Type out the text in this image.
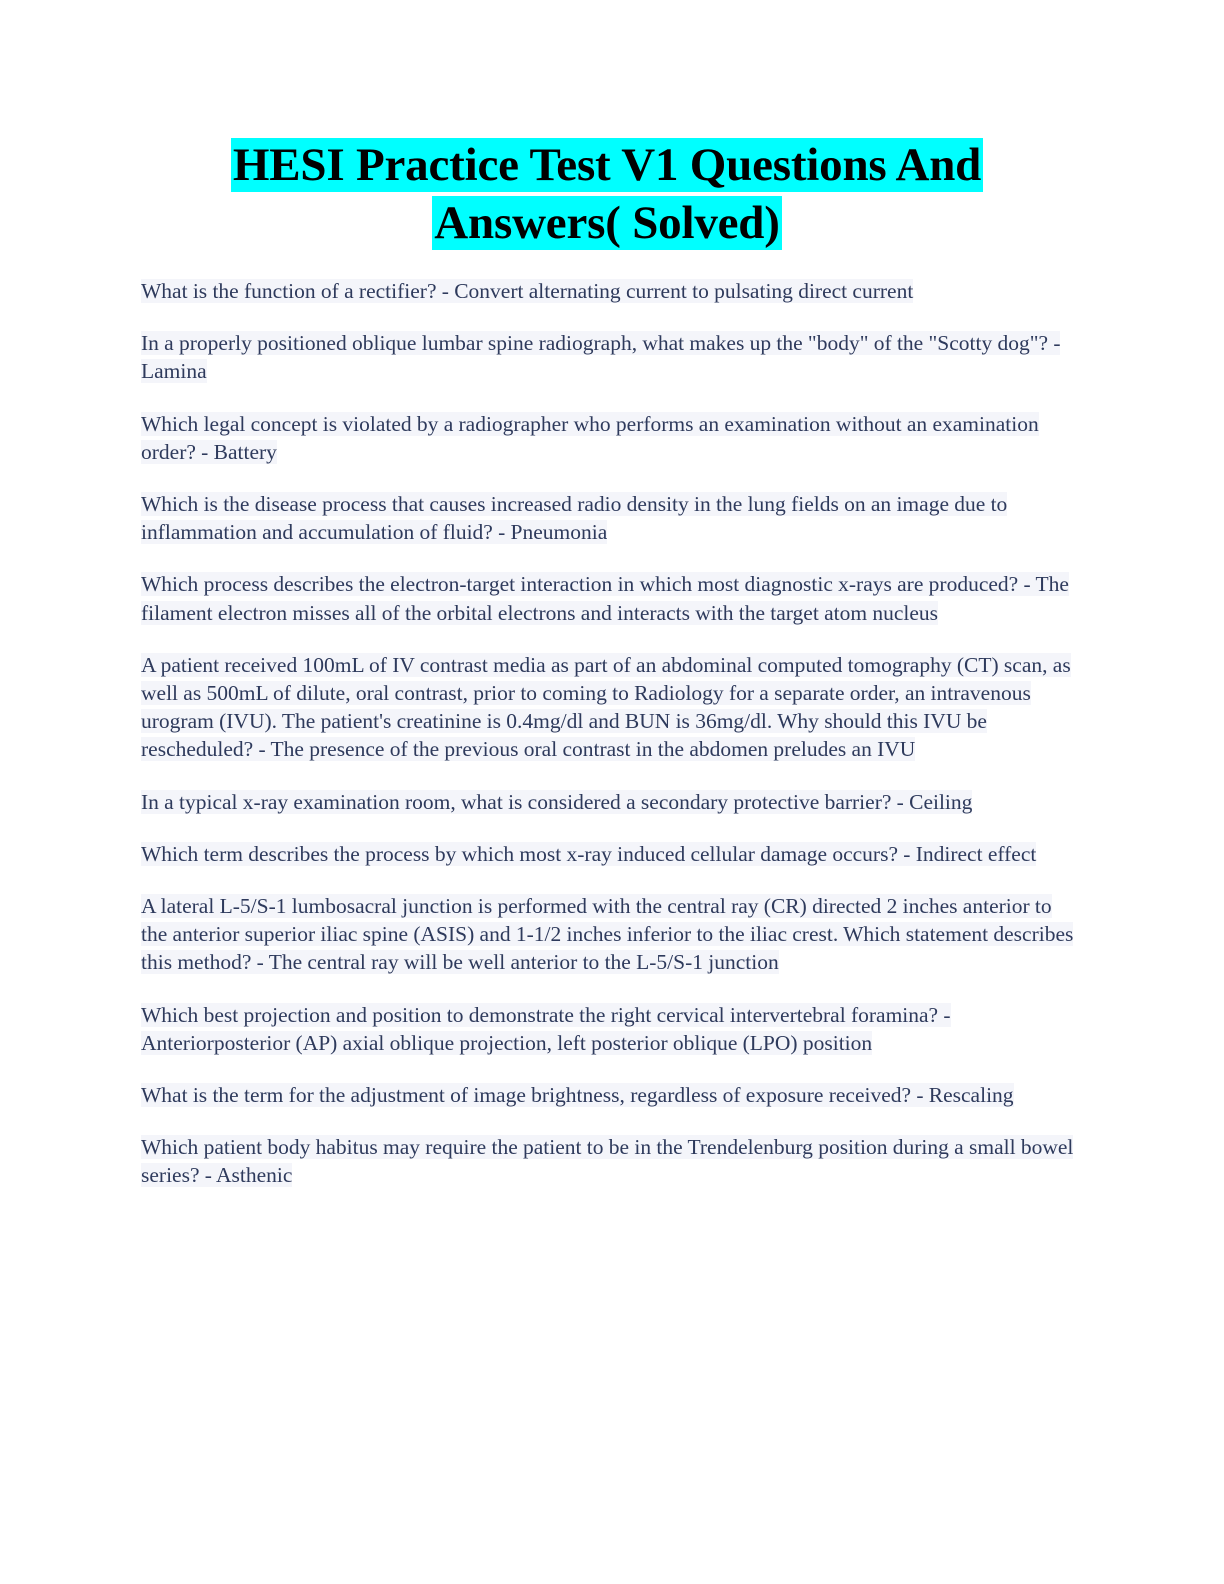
HESI Practice Test V1 Questions And
Answers( Solved)

What is the function of a rectifier? - Convert alternating current to pulsating direct current

In a properly positioned oblique lumbar spine radiograph, what makes up the "body" of the "Scotty dog"? - Lamina

Which legal concept is violated by a radiographer who performs an examination without an examination order? - Battery

Which is the disease process that causes increased radio density in the lung fields on an image due to inflammation and accumulation of fluid? - Pneumonia

Which process describes the electron-target interaction in which most diagnostic x-rays are produced? - The filament electron misses all of the orbital electrons and interacts with the target atom nucleus

A patient received 100mL of IV contrast media as part of an abdominal computed tomography (CT) scan, as well as 500mL of dilute, oral contrast, prior to coming to Radiology for a separate order, an intravenous urogram (IVU). The patient's creatinine is 0.4mg/dl and BUN is 36mg/dl. Why should this IVU be rescheduled? - The presence of the previous oral contrast in the abdomen preludes an IVU

In a typical x-ray examination room, what is considered a secondary protective barrier? - Ceiling

Which term describes the process by which most x-ray induced cellular damage occurs? - Indirect effect

A lateral L-5/S-1 lumbosacral junction is performed with the central ray (CR) directed 2 inches anterior to the anterior superior iliac spine (ASIS) and 1-1/2 inches inferior to the iliac crest. Which statement describes this method? - The central ray will be well anterior to the L-5/S-1 junction

Which best projection and position to demonstrate the right cervical intervertebral foramina? - Anteriorposterior (AP) axial oblique projection, left posterior oblique (LPO) position

What is the term for the adjustment of image brightness, regardless of exposure received? - Rescaling

Which patient body habitus may require the patient to be in the Trendelenburg position during a small bowel series? - Asthenic
